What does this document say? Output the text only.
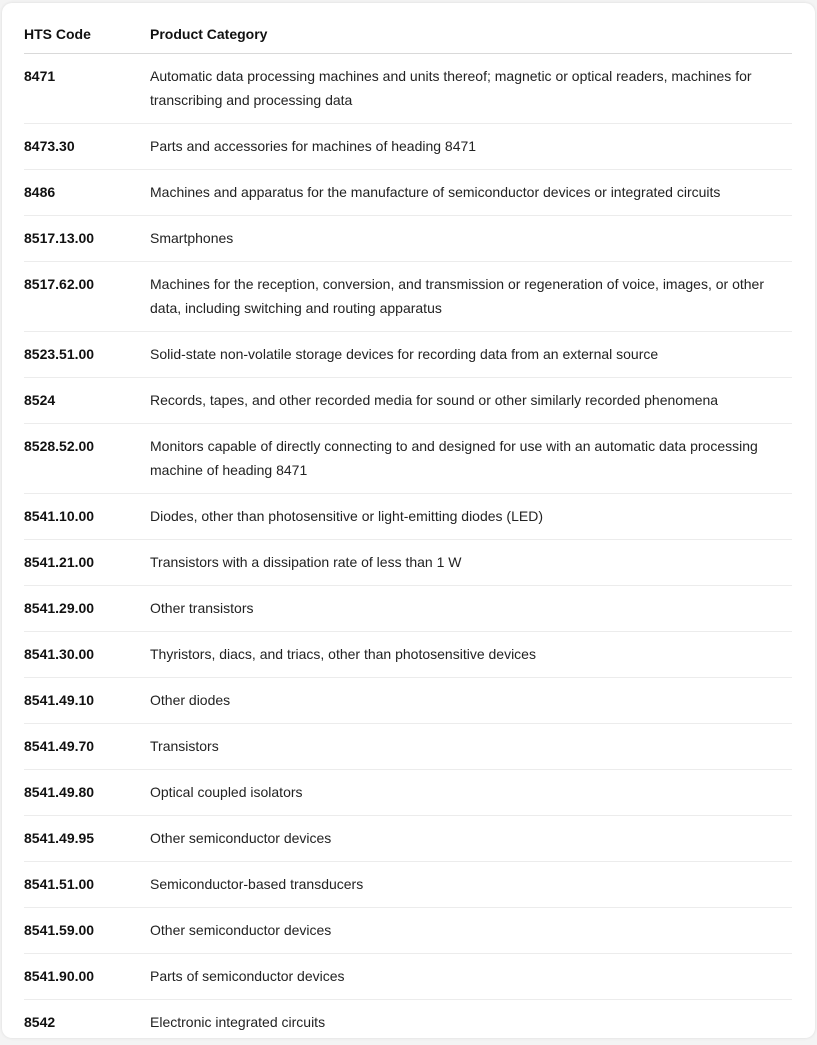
HTS Code	Product Category
8471	Automatic data processing machines and units thereof; magnetic or optical readers, machines for transcribing and processing data
8473.30	Parts and accessories for machines of heading 8471
8486	Machines and apparatus for the manufacture of semiconductor devices or integrated circuits
8517.13.00	Smartphones
8517.62.00	Machines for the reception, conversion, and transmission or regeneration of voice, images, or other data, including switching and routing apparatus
8523.51.00	Solid-state non-volatile storage devices for recording data from an external source
8524	Records, tapes, and other recorded media for sound or other similarly recorded phenomena
8528.52.00	Monitors capable of directly connecting to and designed for use with an automatic data processing machine of heading 8471
8541.10.00	Diodes, other than photosensitive or light-emitting diodes (LED)
8541.21.00	Transistors with a dissipation rate of less than 1 W
8541.29.00	Other transistors
8541.30.00	Thyristors, diacs, and triacs, other than photosensitive devices
8541.49.10	Other diodes
8541.49.70	Transistors
8541.49.80	Optical coupled isolators
8541.49.95	Other semiconductor devices
8541.51.00	Semiconductor-based transducers
8541.59.00	Other semiconductor devices
8541.90.00	Parts of semiconductor devices
8542	Electronic integrated circuits
